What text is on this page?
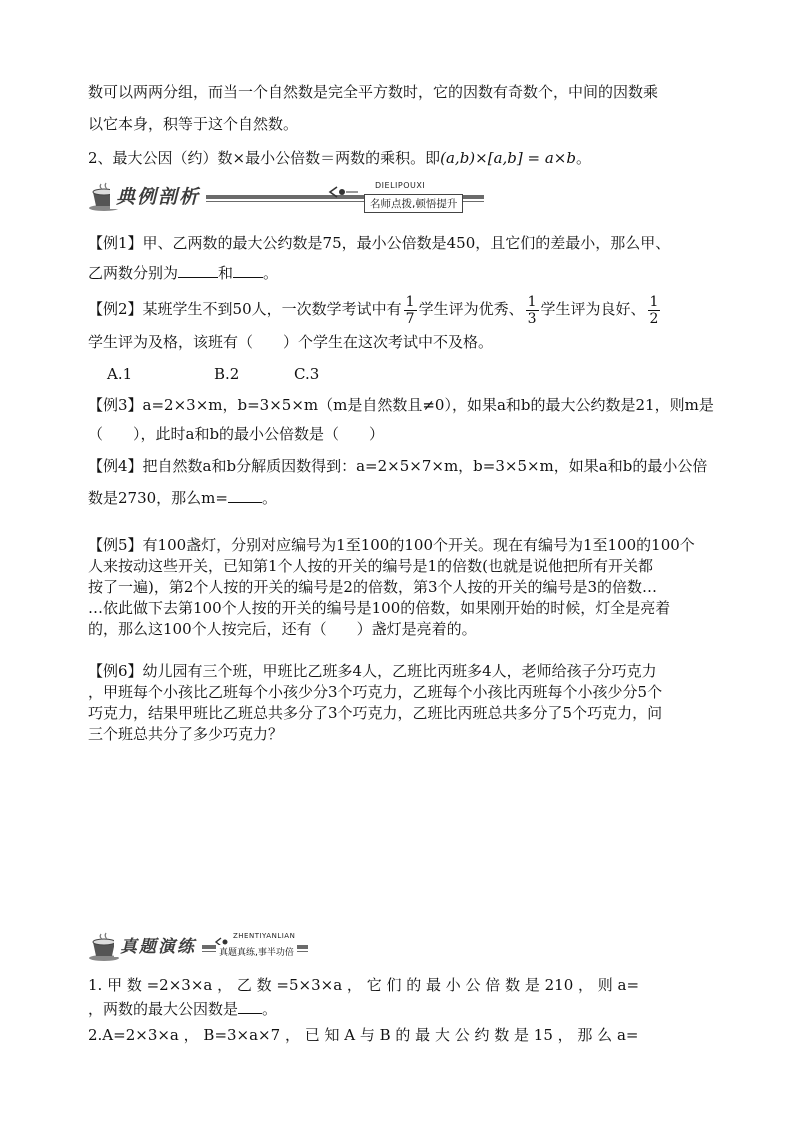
数可以两两分组，而当一个自然数是完全平方数时，它的因数有奇数个，中间的因数乘
以它本身，积等于这个自然数。
2、最大公因（约）数×最小公倍数＝两数的乘积。即(a,b)×[a,b] = a×b。
典例剖析
DIELIPOUXI
名师点拨,顿悟提升
【例1】甲、乙两数的最大公约数是75，最小公倍数是450，且它们的差最小，那么甲、
乙两数分别为	和 。
【例2】某班学生不到50人，一次数学考试中有 $\frac{1}{7}$ 学生评为优秀、 $\frac{1}{3}$ 学生评为良好、 $\frac{1}{2}$
学生评为及格，该班有（　　）个学生在这次考试中不及格。
A.1	B.2	C.3
【例3】a=2×3×m，b=3×5×m（m是自然数且≠0），如果a和b的最大公约数是21，则m是
（　　），此时a和b的最小公倍数是（　　）
【例4】把自然数a和b分解质因数得到：a=2×5×7×m，b=3×5×m，如果a和b的最小公倍
数是2730，那么m= 。
【例5】有100盏灯，分别对应编号为1至100的100个开关。现在有编号为1至100的100个
人来按动这些开关，已知第1个人按的开关的编号是1的倍数(也就是说他把所有开关都
按了一遍)，第2个人按的开关的编号是2的倍数，第3个人按的开关的编号是3的倍数…
…依此做下去第100个人按的开关的编号是100的倍数，如果刚开始的时候，灯全是亮着
的，那么这100个人按完后，还有（　　）盏灯是亮着的。
【例6】幼儿园有三个班，甲班比乙班多4人，乙班比丙班多4人，老师给孩子分巧克力
，甲班每个小孩比乙班每个小孩少分3个巧克力，乙班每个小孩比丙班每个小孩少分5个
巧克力，结果甲班比乙班总共多分了3个巧克力，乙班比丙班总共多分了5个巧克力，问
三个班总共分了多少巧克力？
真题演练
ZHENTIYANLIAN
真题真练,事半功倍
1. 甲 数 =2×3×a ， 乙 数 =5×3×a ， 它 们 的 最 小 公 倍 数 是 210 ， 则 a=
，两数的最大公因数是 。
2.A=2×3×a ， B=3×a×7 ， 已 知 A 与 B 的 最 大 公 约 数 是 15 ， 那 么 a=
